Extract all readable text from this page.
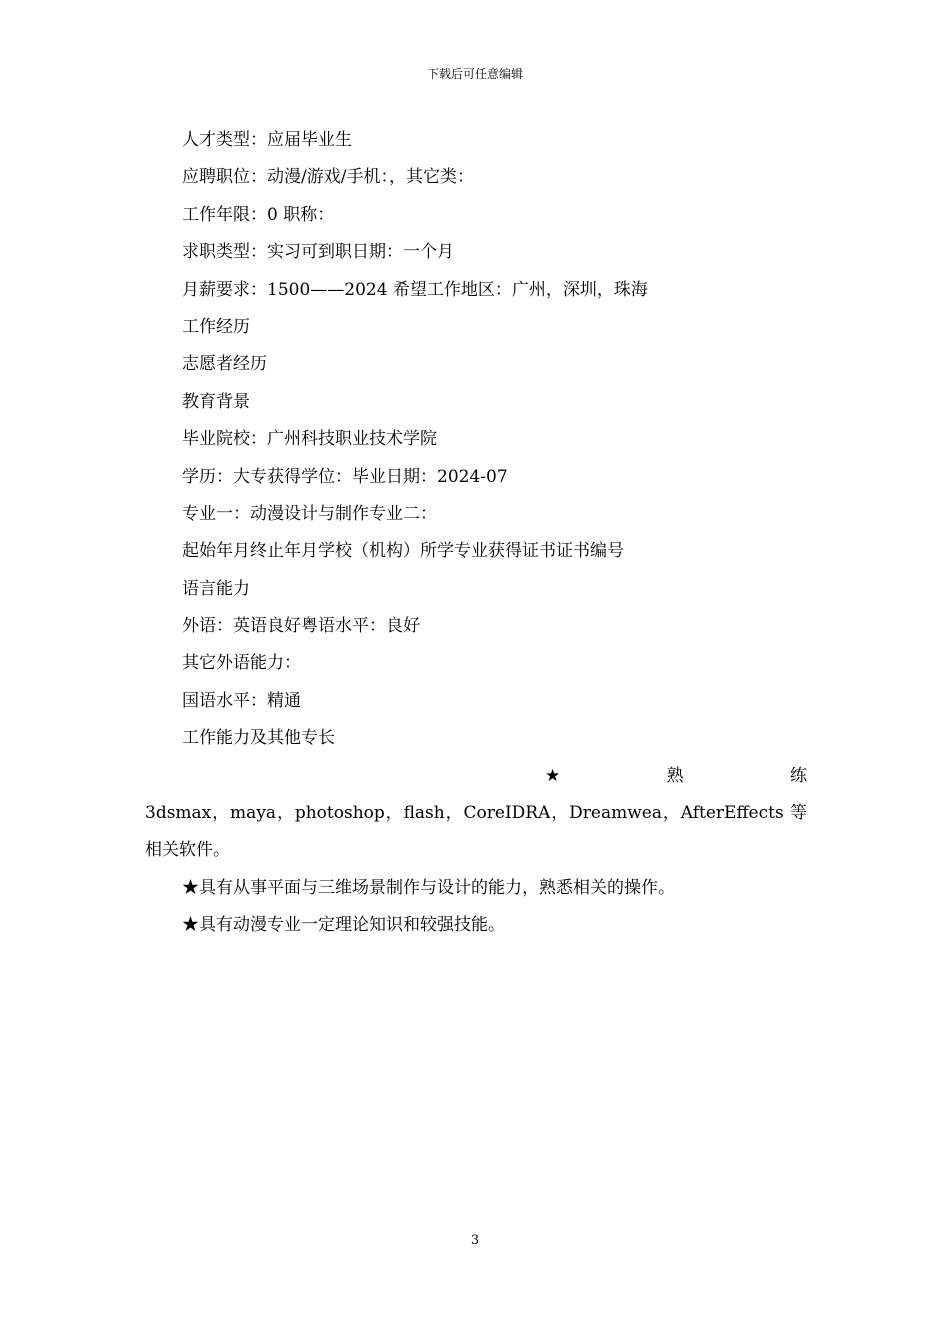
下载后可任意编辑
人才类型：应届毕业生
应聘职位：动漫/游戏/手机：，其它类：
工作年限：0 职称：
求职类型：实习可到职日期：一个月
月薪要求：1500——2024 希望工作地区：广州，深圳，珠海
工作经历
志愿者经历
教育背景
毕业院校：广州科技职业技术学院
学历：大专获得学位：毕业日期：2024-07
专业一：动漫设计与制作专业二：
起始年月终止年月学校（机构）所学专业获得证书证书编号
语言能力
外语：英语良好粤语水平：良好
其它外语能力：
国语水平：精通
工作能力及其他专长
★	熟	练
3dsmax，maya，photoshop，flash，CoreIDRA，Dreamwea，AfterEffects 等相关软件。
★具有从事平面与三维场景制作与设计的能力，熟悉相关的操作。
★具有动漫专业一定理论知识和较强技能。
3
